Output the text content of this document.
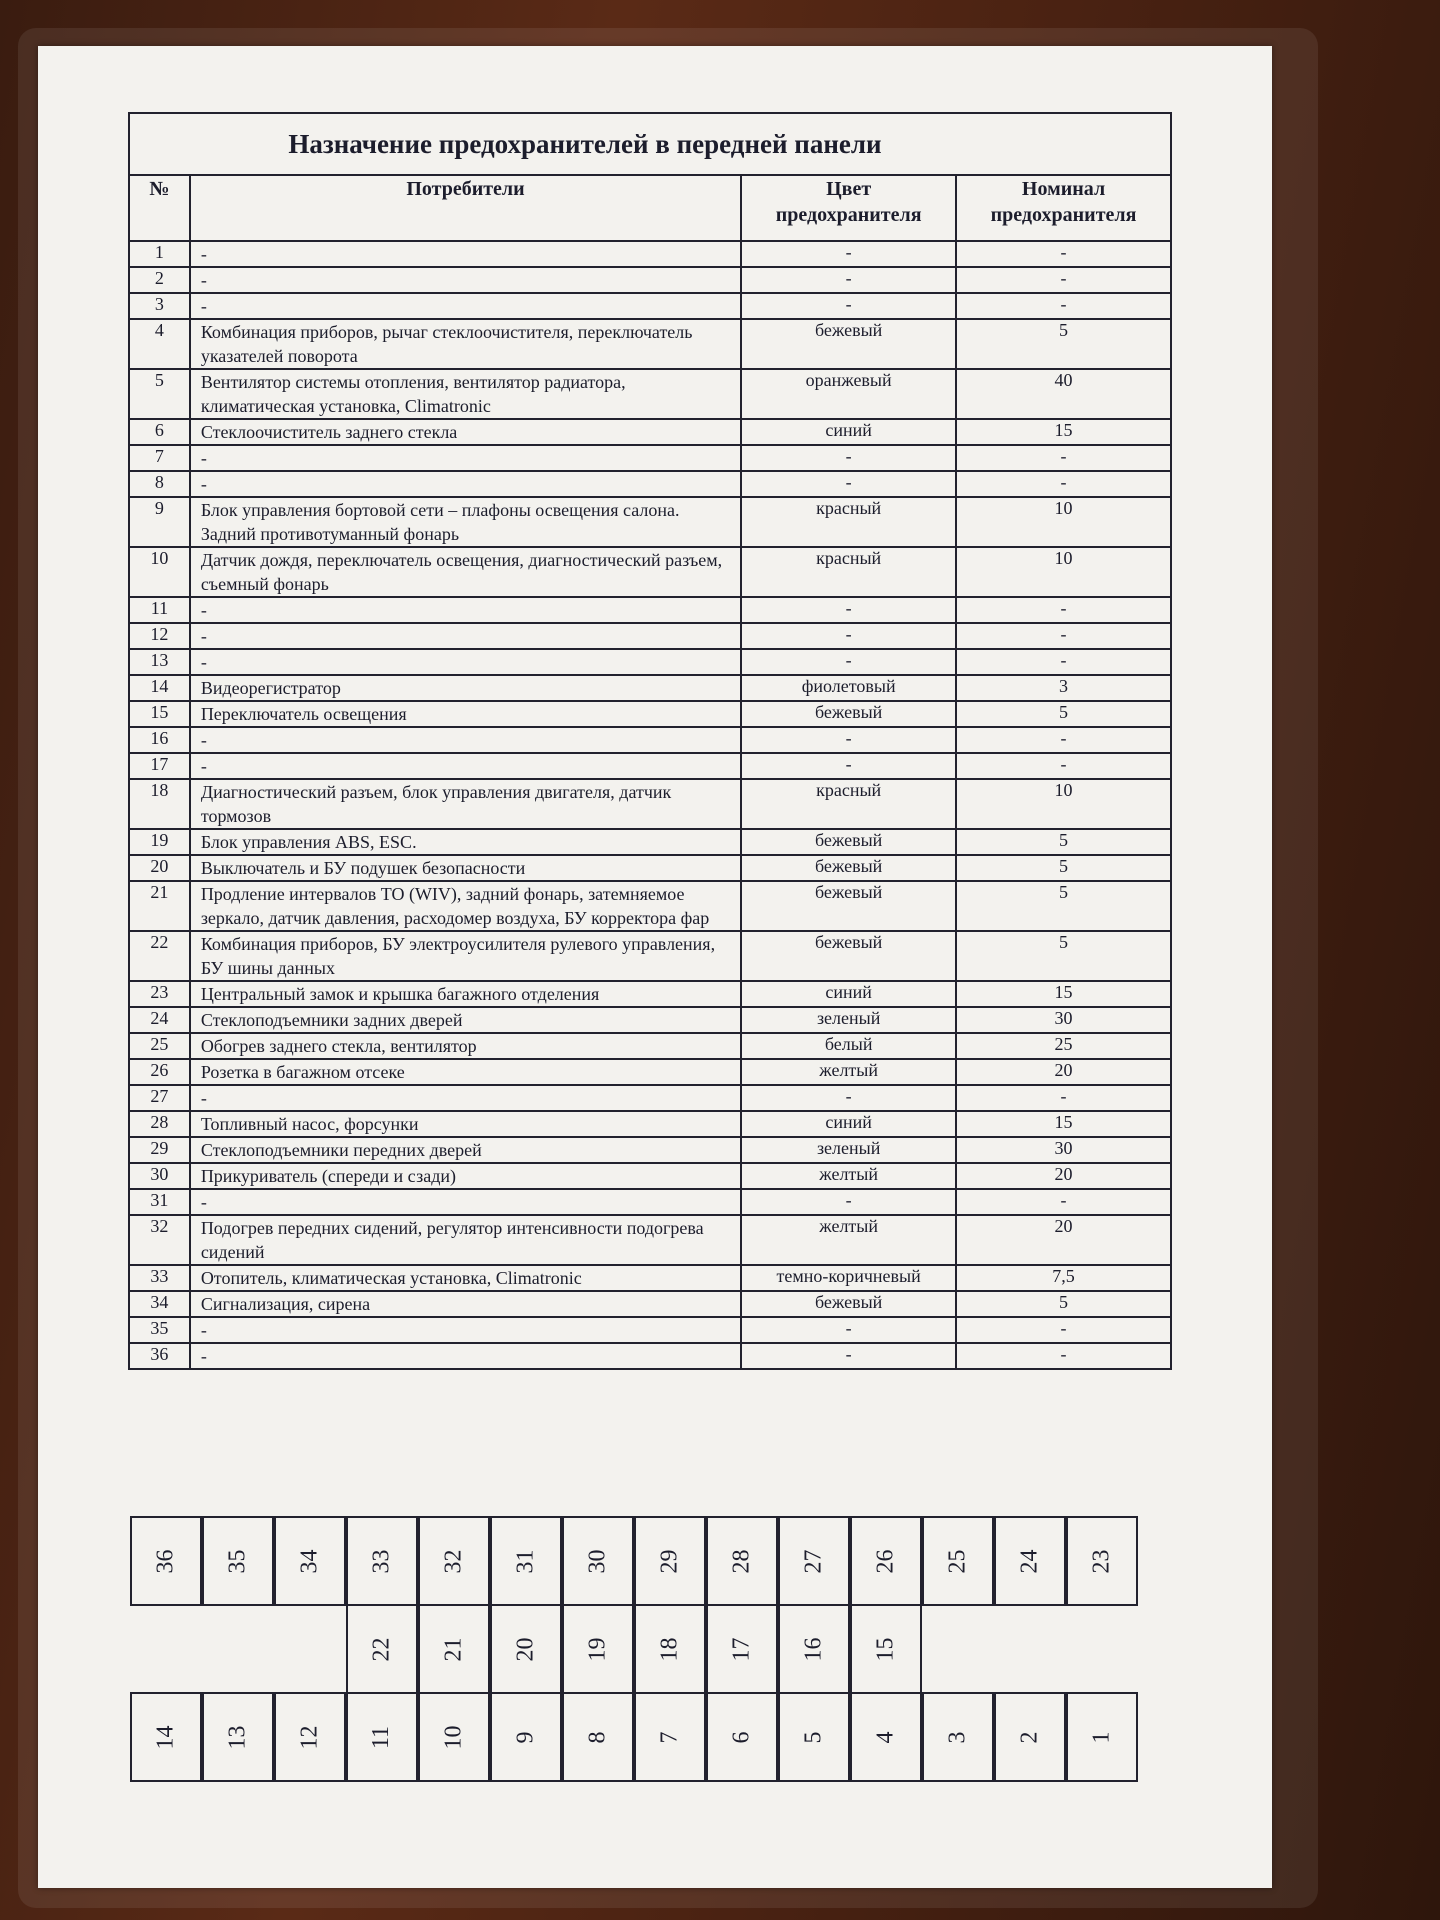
Назначение предохранителей в передней панели			
№	Потребители	Цвет предохранителя	Номинал предохранителя
1	-	-	-
2	-	-	-
3	-	-	-
4	Комбинация приборов, рычаг стеклоочистителя, переключатель указателей поворота	бежевый	5
5	Вентилятор системы отопления, вентилятор радиатора, климатическая установка, Climatronic	оранжевый	40
6	Стеклоочиститель заднего стекла	синий	15
7	-	-	-
8	-	-	-
9	Блок управления бортовой сети – плафоны освещения салона. Задний противотуманный фонарь	красный	10
10	Датчик дождя, переключатель освещения, диагностический разъем, съемный фонарь	красный	10
11	-	-	-
12	-	-	-
13	-	-	-
14	Видеорегистратор	фиолетовый	3
15	Переключатель освещения	бежевый	5
16	-	-	-
17	-	-	-
18	Диагностический разъем, блок управления двигателя, датчик тормозов	красный	10
19	Блок управления ABS, ESC.	бежевый	5
20	Выключатель и БУ подушек безопасности	бежевый	5
21	Продление интервалов ТО (WIV), задний фонарь, затемняемое зеркало, датчик давления, расходомер воздуха, БУ корректора фар	бежевый	5
22	Комбинация приборов, БУ электроусилителя рулевого управления, БУ шины данных	бежевый	5
23	Центральный замок и крышка багажного отделения	синий	15
24	Стеклоподъемники задних дверей	зеленый	30
25	Обогрев заднего стекла, вентилятор	белый	25
26	Розетка в багажном отсеке	желтый	20
27	-	-	-
28	Топливный насос, форсунки	синий	15
29	Стеклоподъемники передних дверей	зеленый	30
30	Прикуриватель (спереди и сзади)	желтый	20
31	-	-	-
32	Подогрев передних сидений, регулятор интенсивности подогрева сидений	желтый	20
33	Отопитель, климатическая установка, Climatronic	темно-коричневый	7,5
34	Сигнализация, сирена	бежевый	5
35	-	-	-
36	-	-	-
36 35 34 33 32 31 30 29 28 27 26 25 24 23
22 21 20 19 18 17 16 15
14 13 12 11 10 9 8 7 6 5 4 3 2 1
